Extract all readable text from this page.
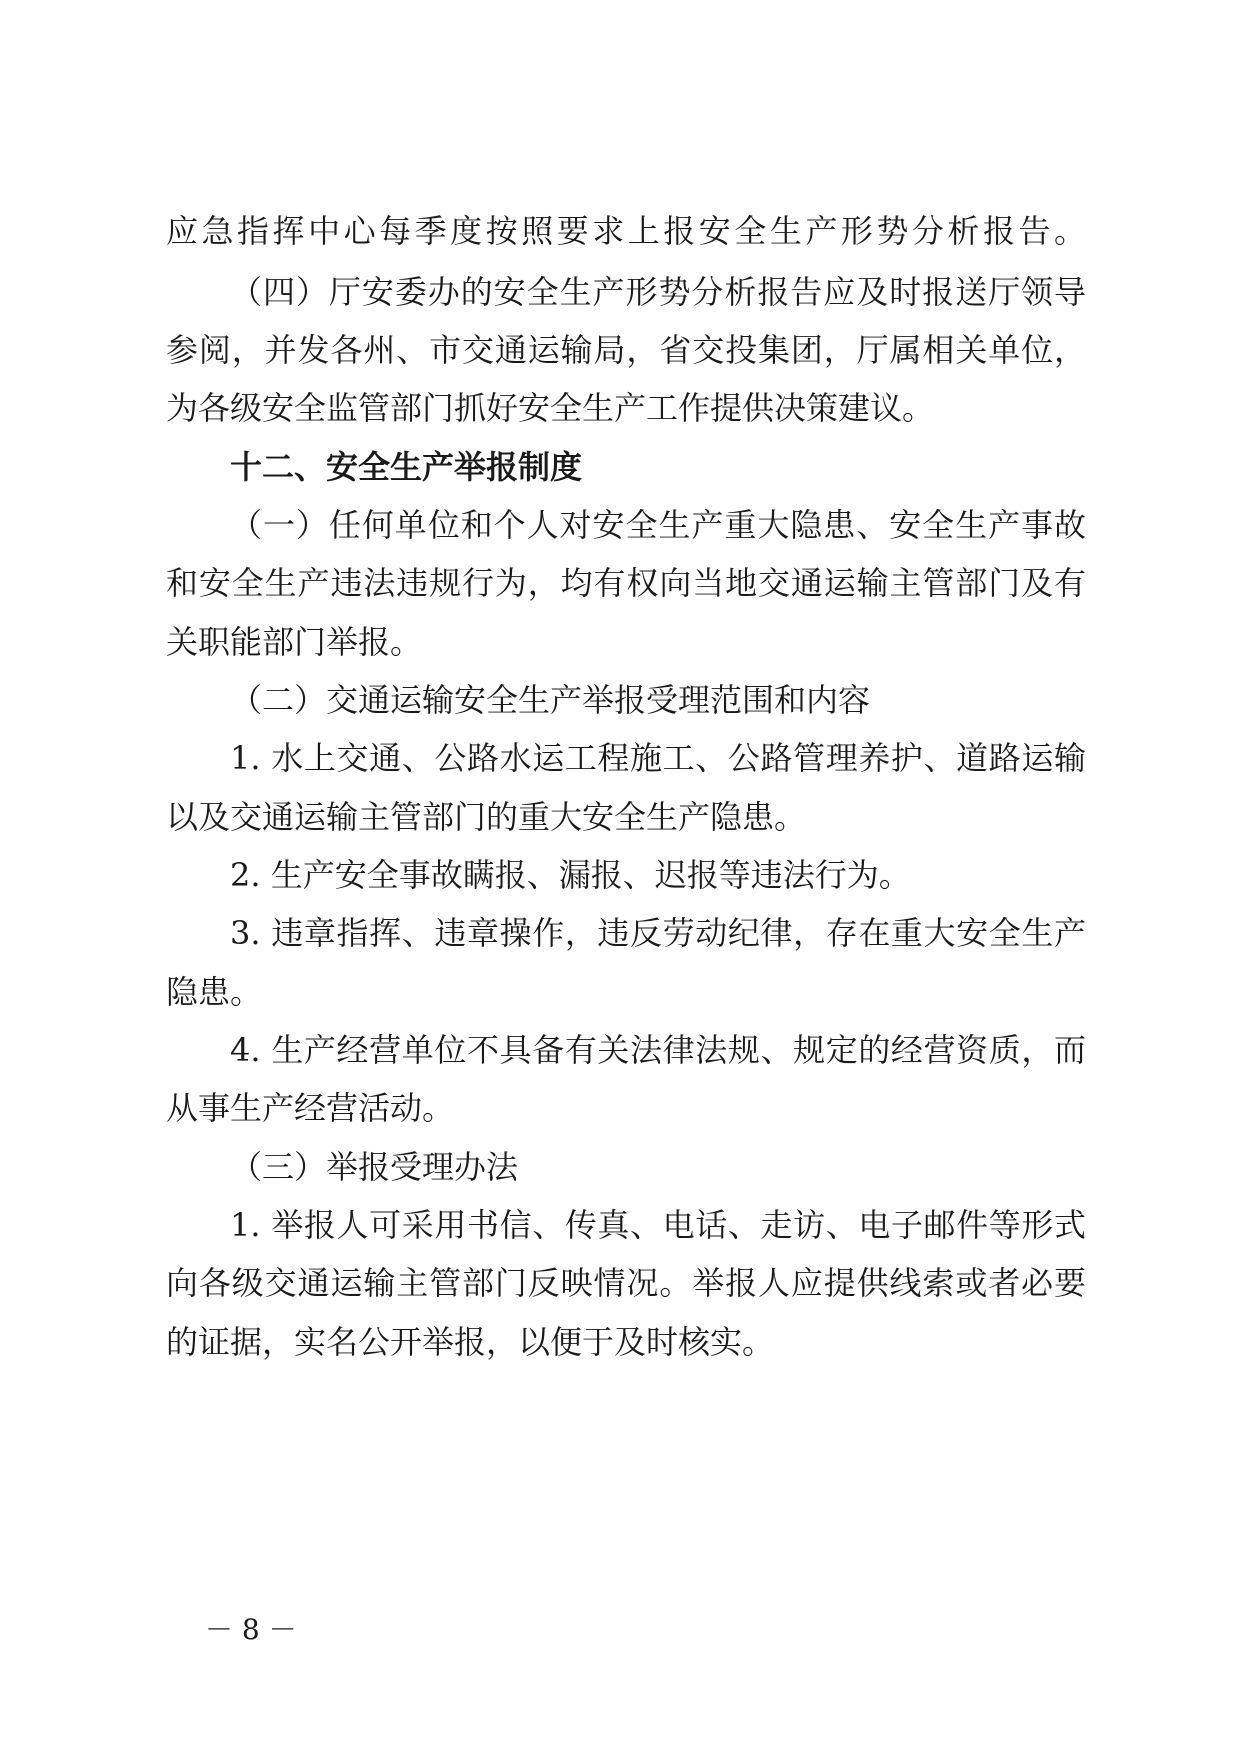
应急指挥中心每季度按照要求上报安全生产形势分析报告。
（四）厅安委办的安全生产形势分析报告应及时报送厅领导
参阅，并发各州、市交通运输局，省交投集团，厅属相关单位，
为各级安全监管部门抓好安全生产工作提供决策建议。
十二、安全生产举报制度
（一）任何单位和个人对安全生产重大隐患、安全生产事故
和安全生产违法违规行为，均有权向当地交通运输主管部门及有
关职能部门举报。
（二）交通运输安全生产举报受理范围和内容
1. 水上交通、公路水运工程施工、公路管理养护、道路运输
以及交通运输主管部门的重大安全生产隐患。
2. 生产安全事故瞒报、漏报、迟报等违法行为。
3. 违章指挥、违章操作，违反劳动纪律，存在重大安全生产
隐患。
4. 生产经营单位不具备有关法律法规、规定的经营资质，而
从事生产经营活动。
（三）举报受理办法
1. 举报人可采用书信、传真、电话、走访、电子邮件等形式
向各级交通运输主管部门反映情况。举报人应提供线索或者必要
的证据，实名公开举报，以便于及时核实。
－ 8 －
